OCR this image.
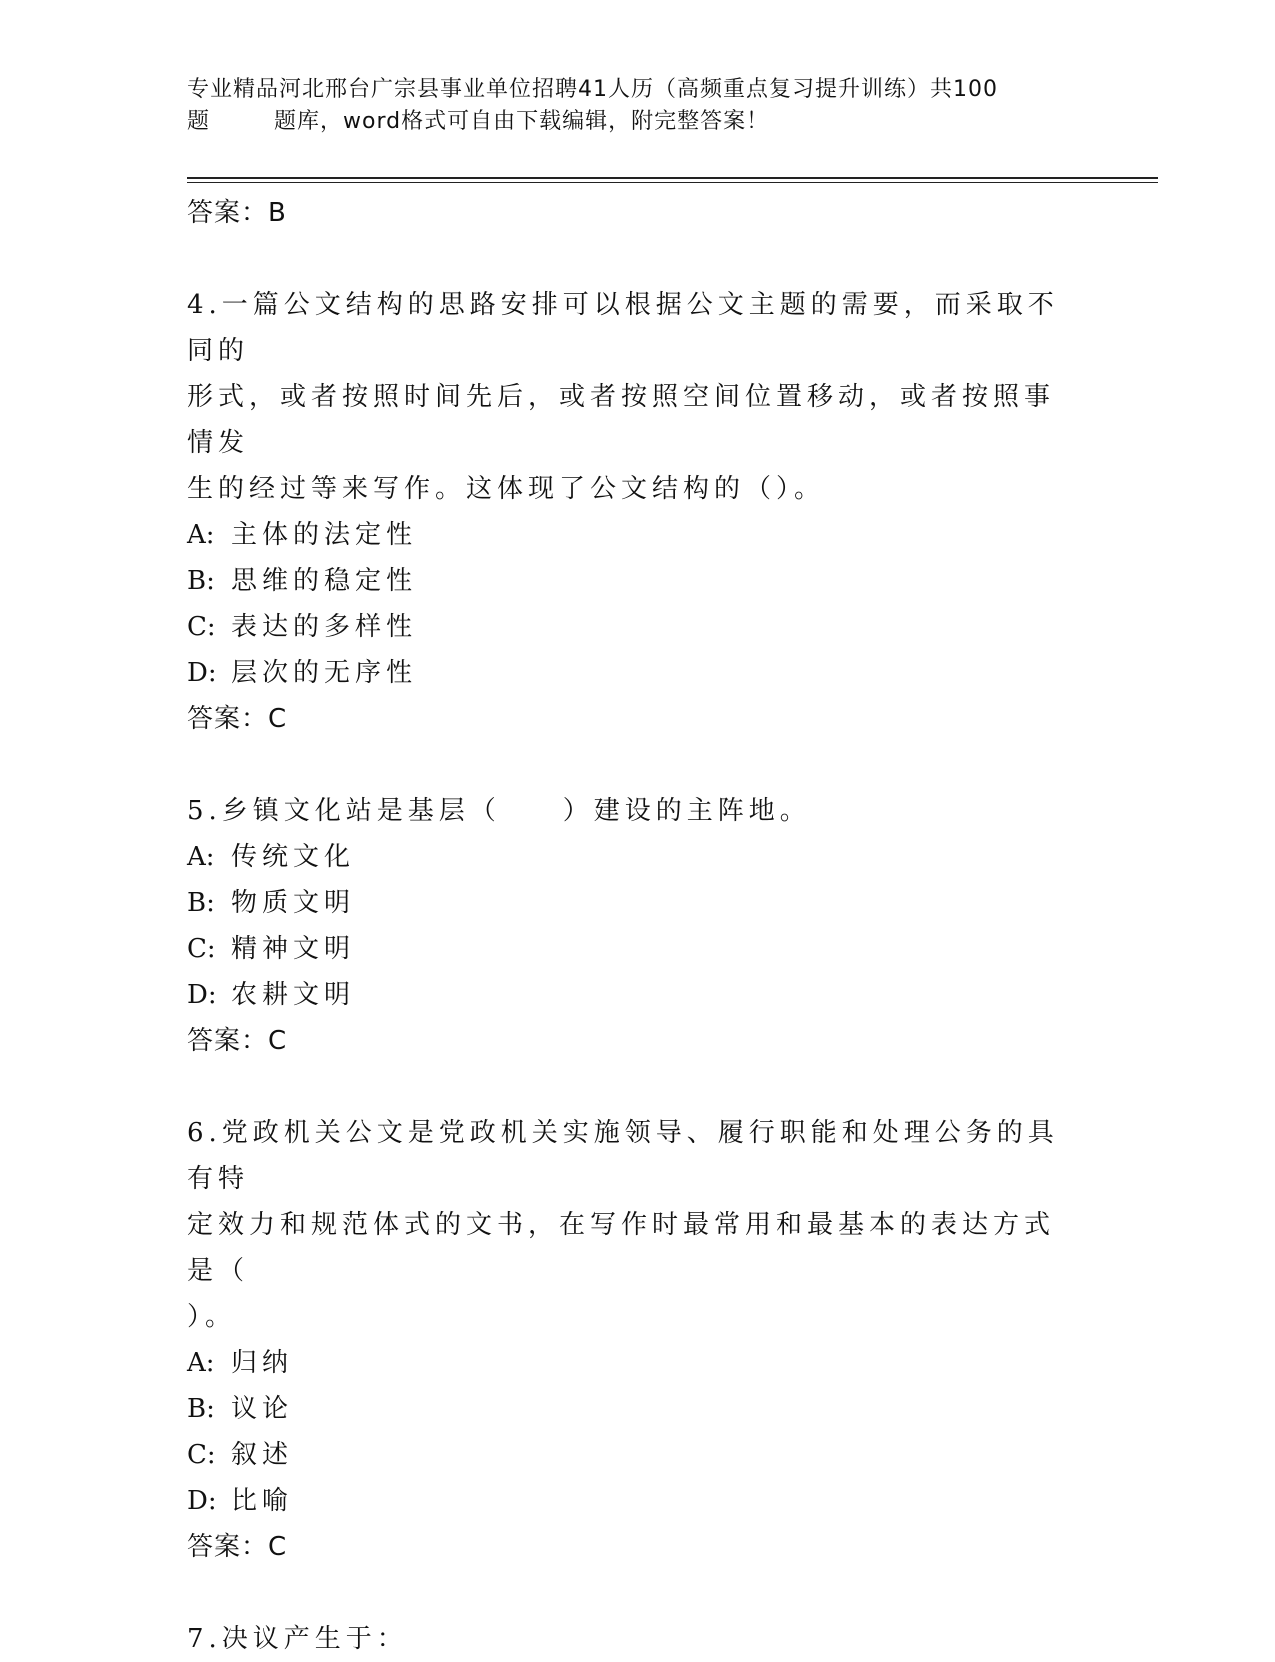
专业精品河北邢台广宗县事业单位招聘41人历（高频重点复习提升训练）共100

题	题库，word格式可自由下载编辑，附完整答案！
答案：B
4.一篇公文结构的思路安排可以根据公文主题的需要，而采取不同的
形式，或者按照时间先后，或者按照空间位置移动，或者按照事情发
生的经过等来写作。这体现了公文结构的（）。
A: 主体的法定性
B: 思维的稳定性
C: 表达的多样性
D: 层次的无序性
答案：C
5.乡镇文化站是基层（　　）建设的主阵地。
A: 传统文化
B: 物质文明
C: 精神文明
D: 农耕文明
答案：C
6.党政机关公文是党政机关实施领导、履行职能和处理公务的具有特
定效力和规范体式的文书，在写作时最常用和最基本的表达方式是（
）。
A: 归纳
B: 议论
C: 叙述
D: 比喻
答案：C
7.决议产生于：
